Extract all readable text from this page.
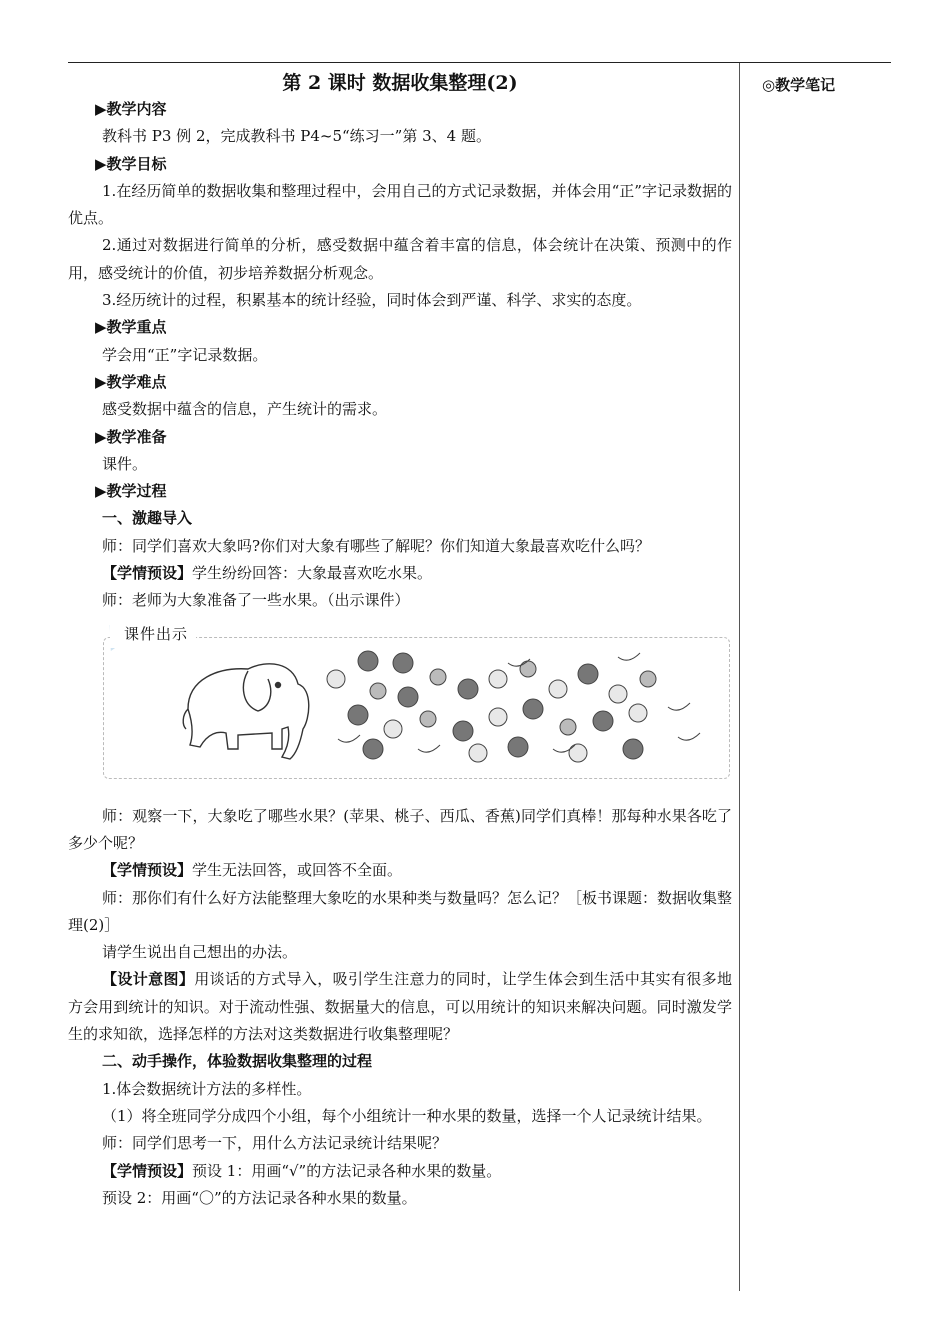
◎教学笔记
第 2 课时 数据收集整理(2)
▶教学内容
教科书 P3 例 2，完成教科书 P4~5“练习一”第 3、4 题。
▶教学目标
1.在经历简单的数据收集和整理过程中，会用自己的方式记录数据，并体会用“正”字记录数据的优点。
2.通过对数据进行简单的分析，感受数据中蕴含着丰富的信息，体会统计在决策、预测中的作用，感受统计的价值，初步培养数据分析观念。
3.经历统计的过程，积累基本的统计经验，同时体会到严谨、科学、求实的态度。
▶教学重点
学会用“正”字记录数据。
▶教学难点
感受数据中蕴含的信息，产生统计的需求。
▶教学准备
课件。
▶教学过程
一、激趣导入
师：同学们喜欢大象吗?你们对大象有哪些了解呢？你们知道大象最喜欢吃什么吗？
【学情预设】学生纷纷回答：大象最喜欢吃水果。
师：老师为大象准备了一些水果。（出示课件）
课件出示
师：观察一下，大象吃了哪些水果？(苹果、桃子、西瓜、香蕉)同学们真棒！那每种水果各吃了多少个呢？
【学情预设】学生无法回答，或回答不全面。
师：那你们有什么好方法能整理大象吃的水果种类与数量吗？怎么记？［板书课题：数据收集整理(2)］
请学生说出自己想出的办法。
【设计意图】用谈话的方式导入，吸引学生注意力的同时，让学生体会到生活中其实有很多地方会用到统计的知识。对于流动性强、数据量大的信息，可以用统计的知识来解决问题。同时激发学生的求知欲，选择怎样的方法对这类数据进行收集整理呢？
二、动手操作，体验数据收集整理的过程
1.体会数据统计方法的多样性。
（1）将全班同学分成四个小组，每个小组统计一种水果的数量，选择一个人记录统计结果。
师：同学们思考一下，用什么方法记录统计结果呢？
【学情预设】预设 1：用画“√”的方法记录各种水果的数量。
预设 2：用画“〇”的方法记录各种水果的数量。
